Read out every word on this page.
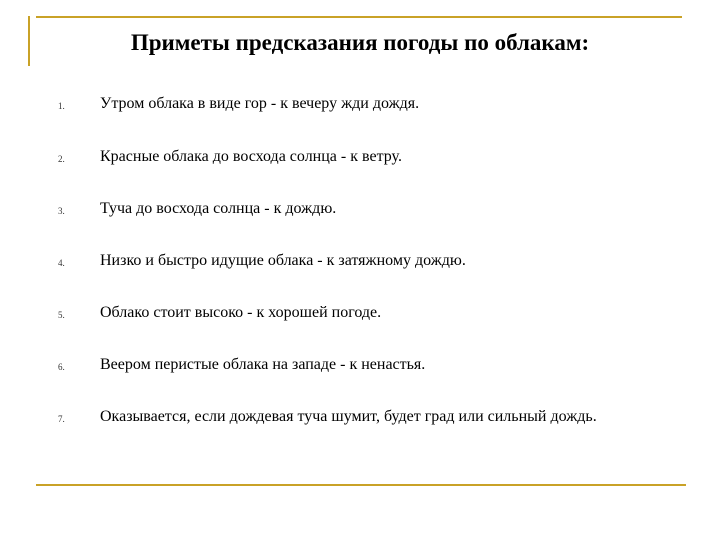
Приметы предсказания погоды по облакам:
1. Утром облака в виде гор - к вечеру жди дождя.
2. Красные облака до восхода солнца - к ветру.
3. Туча до восхода солнца - к дождю.
4. Низко и быстро идущие облака - к затяжному дождю.
5. Облако стоит высоко - к хорошей погоде.
6. Веером перистые облака на западе - к ненастья.
7. Оказывается, если дождевая туча шумит, будет град или сильный дождь.
